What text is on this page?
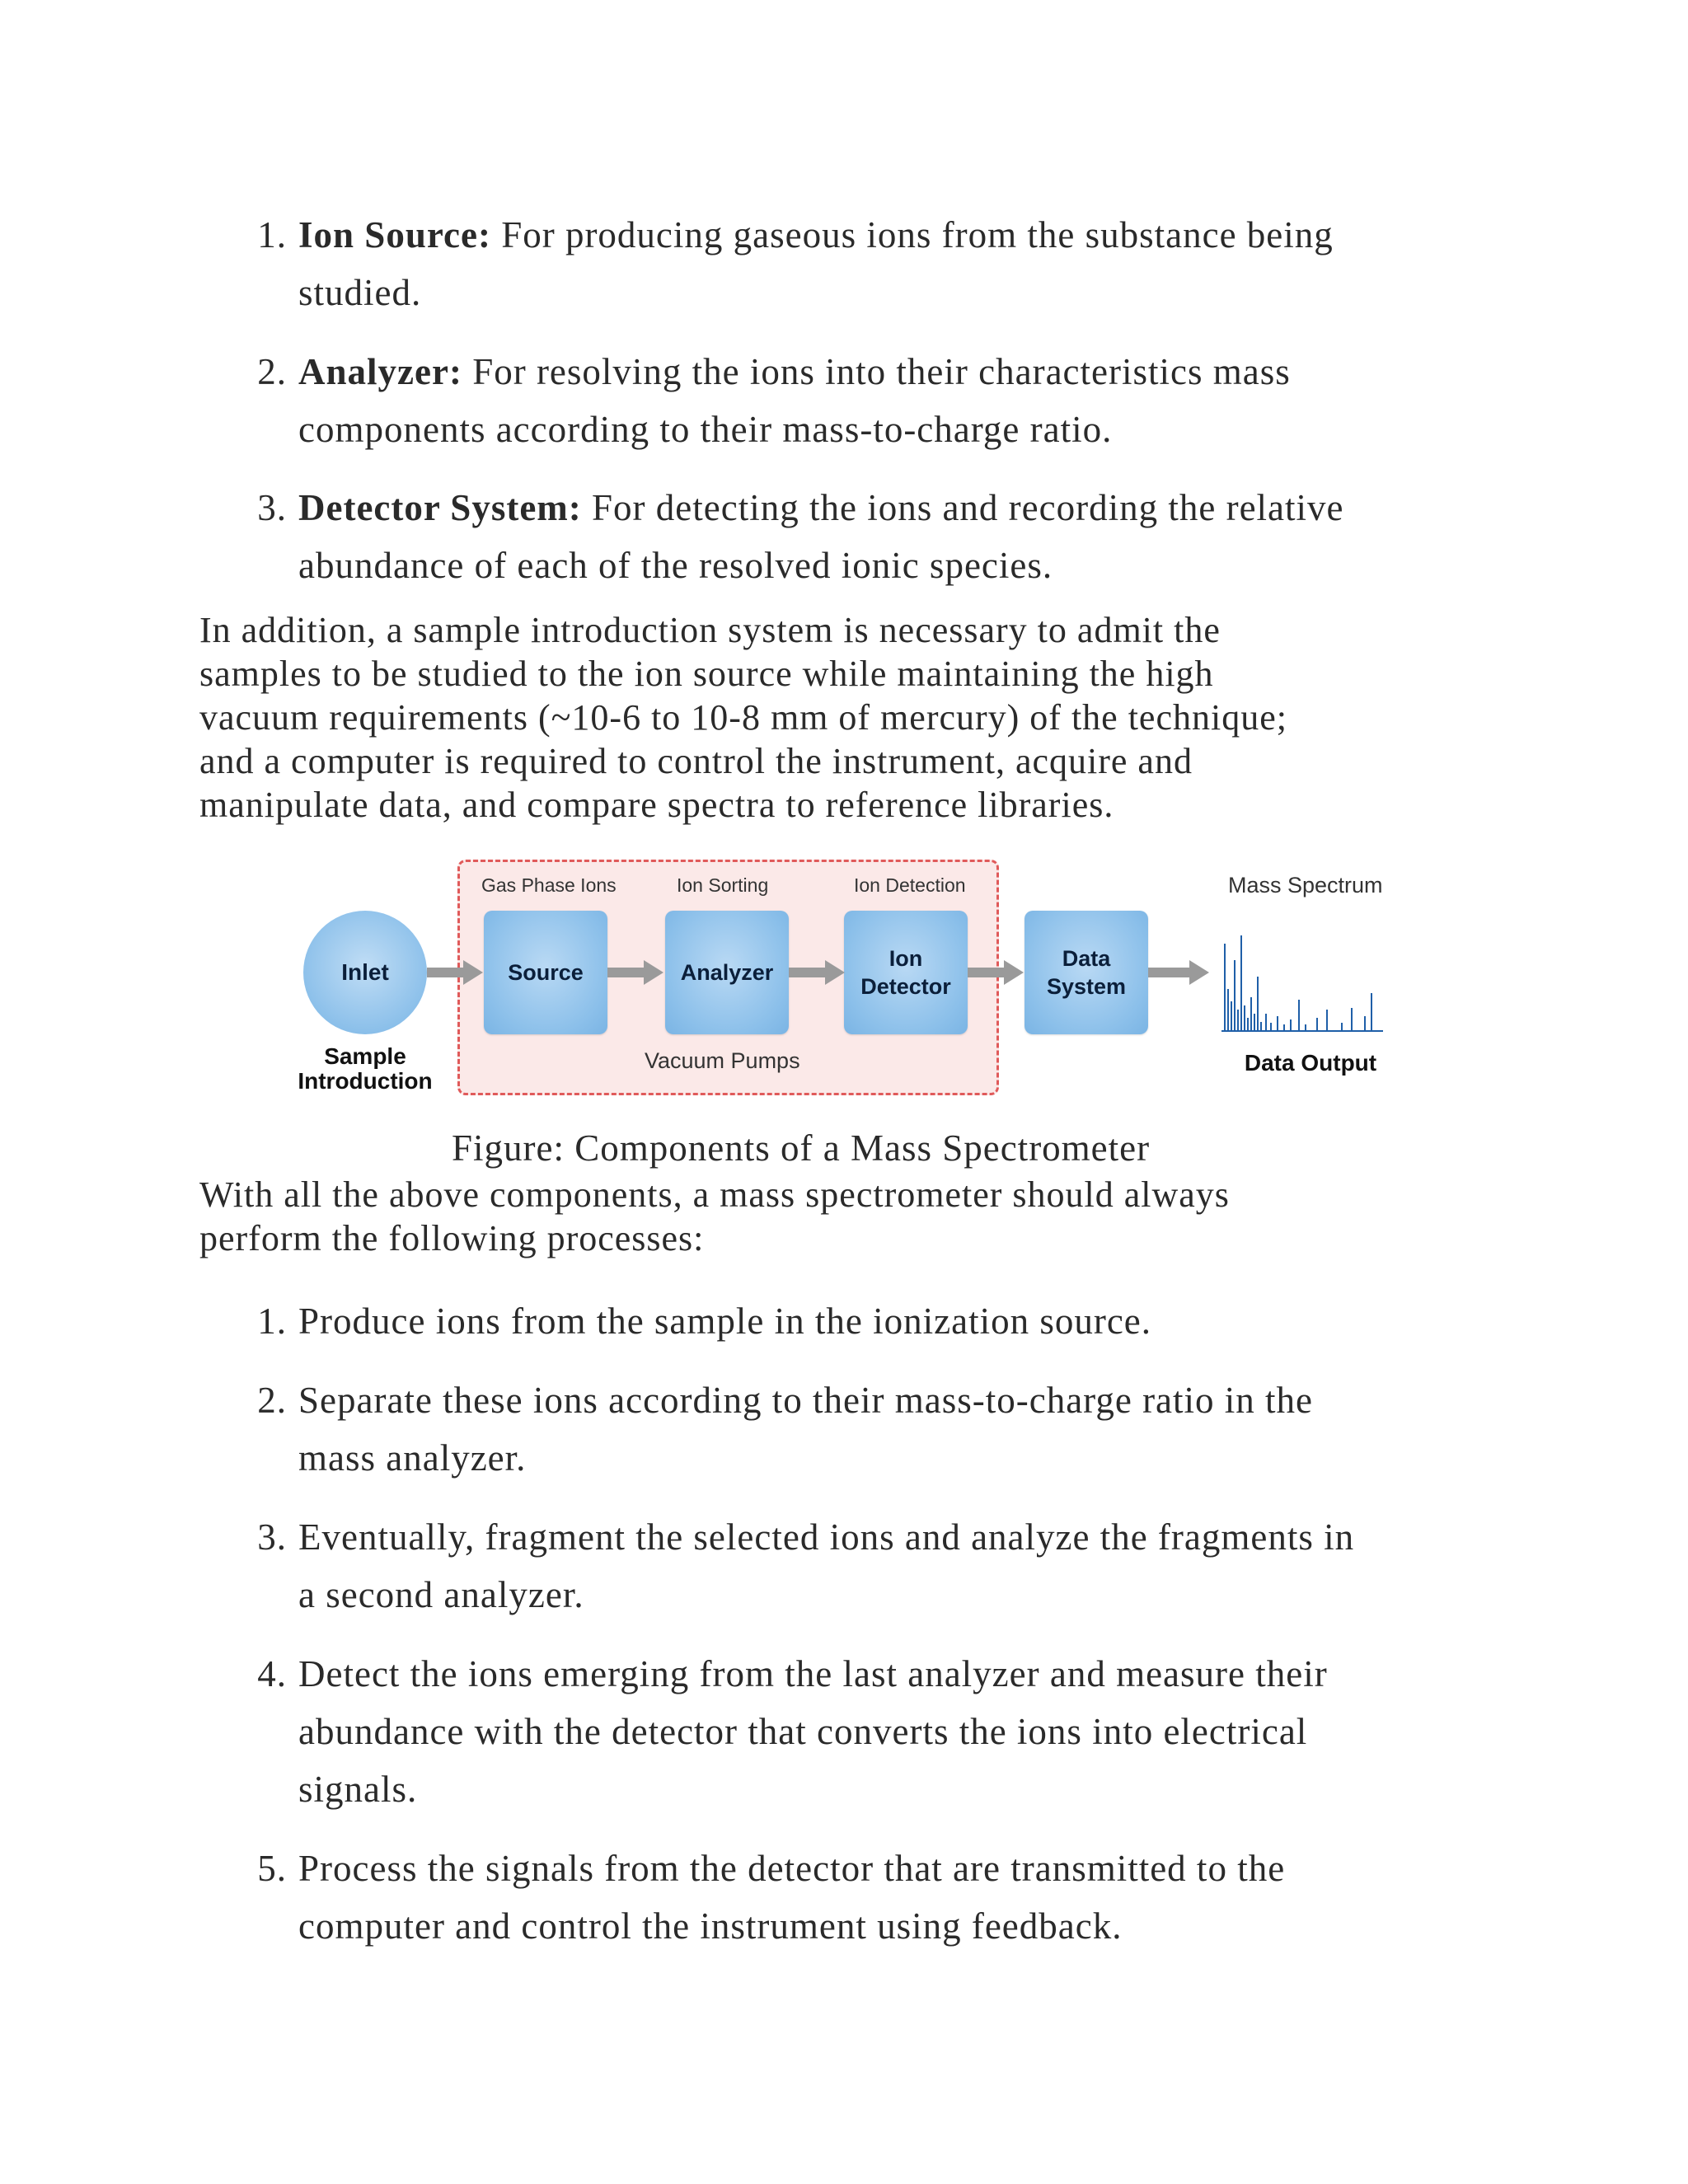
1. Ion Source: For producing gaseous ions from the substance being
studied.
2. Analyzer: For resolving the ions into their characteristics mass
components according to their mass-to-charge ratio.
3. Detector System: For detecting the ions and recording the relative
abundance of each of the resolved ionic species.
In addition, a sample introduction system is necessary to admit the
samples to be studied to the ion source while maintaining the high
vacuum requirements (~10-6 to 10-8 mm of mercury) of the technique;
and a computer is required to control the instrument, acquire and
manipulate data, and compare spectra to reference libraries.
Inlet
Sample
Introduction
Gas Phase Ions	Ion Sorting	Ion Detection	Mass Spectrum
Source	Analyzer
Ion
Detector
Data
System
Vacuum Pumps	Data Output
Figure: Components of a Mass Spectrometer
With all the above components, a mass spectrometer should always
perform the following processes:
1. Produce ions from the sample in the ionization source.
2. Separate these ions according to their mass-to-charge ratio in the
mass analyzer.
3. Eventually, fragment the selected ions and analyze the fragments in
a second analyzer.
4. Detect the ions emerging from the last analyzer and measure their
abundance with the detector that converts the ions into electrical
signals.
5. Process the signals from the detector that are transmitted to the
computer and control the instrument using feedback.
